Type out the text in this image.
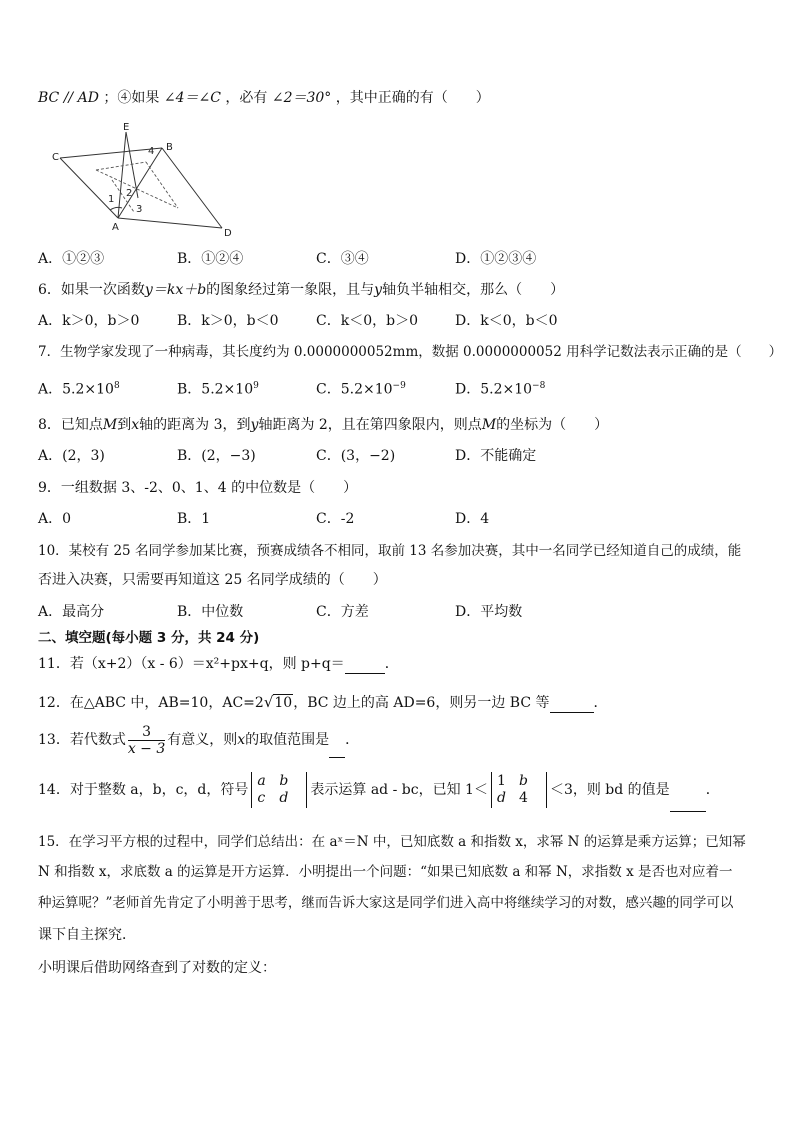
BC // AD ；④如果 ∠4＝∠C ，必有 ∠2＝30° ，其中正确的有（　　）
E
C
A
B
D
1
2
3
4
A．①②③	B．①②④	C．③④	D．①②③④
6．如果一次函数y＝kx＋b的图象经过第一象限，且与y轴负半轴相交，那么（　　）
A．k＞0，b＞0	B．k＞0，b＜0	C．k＜0，b＞0	D．k＜0，b＜0
7．生物学家发现了一种病毒，其长度约为 0.0000000052mm，数据 0.0000000052 用科学记数法表示正确的是（　　）
A．$5.2\times 10^8$	B．$5.2\times 10^9$	C．$5.2\times 10^{-9}$	D．$5.2\times 10^{-8}$
8．已知点M到x轴的距离为 3，到y轴距离为 2，且在第四象限内，则点M的坐标为（　　）
A．(2，3)	B．(2，−3)	C．(3，−2)	D．不能确定
9．一组数据 3、-2、0、1、4 的中位数是（　　）
A．0	B．1	C．-2	D．4
10．某校有 25 名同学参加某比赛，预赛成绩各不相同，取前 13 名参加决赛，其中一名同学已经知道自己的成绩，能
否进入决赛，只需要再知道这 25 名同学成绩的（　　）
A．最高分	B．中位数	C．方差	D．平均数
二、填空题(每小题 3 分，共 24 分)
11．若（x+2）（x - 6）＝x²+px+q，则 p+q＝	．
12．在△ABC 中，AB=10，AC=2√10，BC 边上的高 AD=6，则另一边 BC 等	．
13．若代数式 $\frac{3}{x - 3}$ 有意义，则x的取值范围是 ．
14．对于整数 a，b，c，d，符号
a b
c d	表示运算 ad - bc，已知 1＜
1 b
d 4	＜3，则 bd 的值是	．
15．在学习平方根的过程中，同学们总结出：在 aˣ＝N 中，已知底数 a 和指数 x，求幂 N 的运算是乘方运算；已知幂
N 和指数 x，求底数 a 的运算是开方运算．小明提出一个问题：“如果已知底数 a 和幂 N，求指数 x 是否也对应着一
种运算呢？”老师首先肯定了小明善于思考，继而告诉大家这是同学们进入高中将继续学习的对数，感兴趣的同学可以
课下自主探究．
小明课后借助网络查到了对数的定义：
